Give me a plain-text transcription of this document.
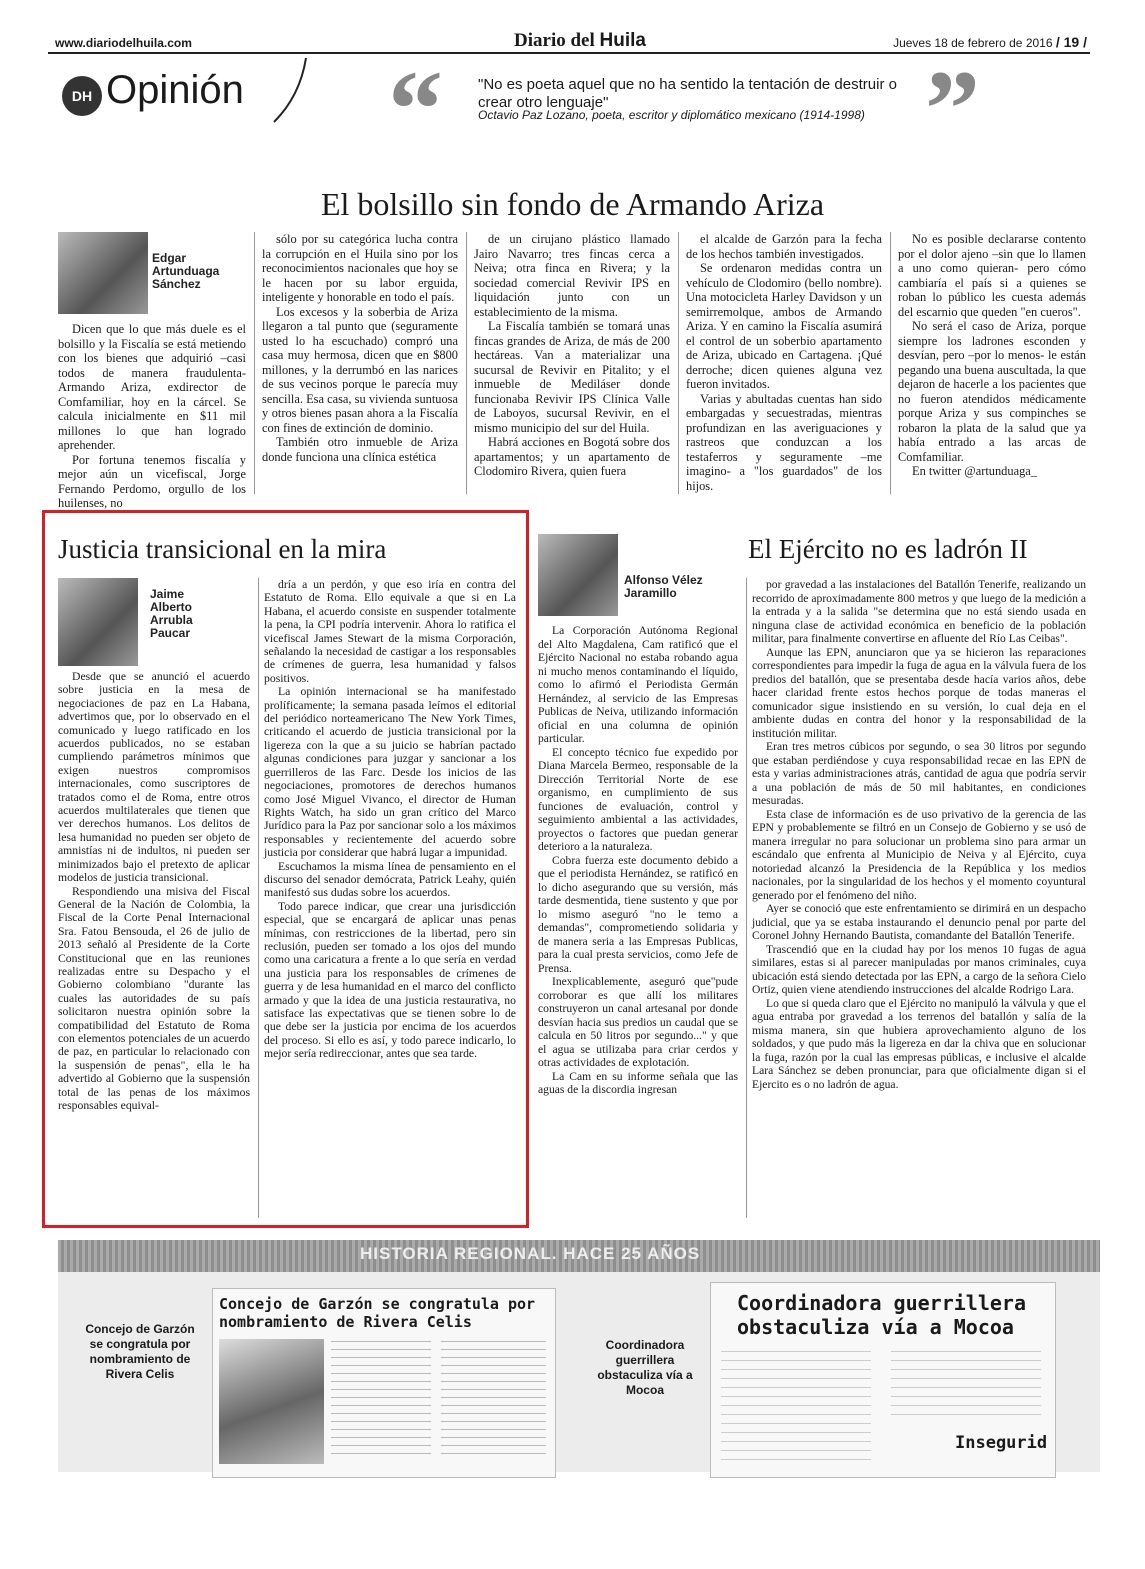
www.diariodelhuila.com	Diario del Huila	Jueves 18 de febrero de 2016 / 19 /
DH Opinión “ "No es poeta aquel que no ha sentido la tentación de destruir o crear otro lenguaje"
Octavio Paz Lozano, poeta, escritor y diplomático mexicano (1914-1998) ”
El bolsillo sin fondo de Armando Ariza
Edgar
Artunduaga
Sánchez

Dicen que lo que más duele es el bolsillo y la Fiscalía se está metiendo con los bienes que adquirió –casi todos de manera fraudulenta- Armando Ariza, exdirector de Comfamiliar, hoy en la cárcel. Se calcula inicialmente en $11 mil millones lo que han logrado aprehender.

Por fortuna tenemos fiscalía y mejor aún un vicefiscal, Jorge Fernando Perdomo, orgullo de los huilenses, no

sólo por su categórica lucha contra la corrupción en el Huila sino por los reconocimientos nacionales que hoy se le hacen por su labor erguida, inteligente y honorable en todo el país.

Los excesos y la soberbia de Ariza llegaron a tal punto que (seguramente usted lo ha escuchado) compró una casa muy hermosa, dicen que en $800 millones, y la derrumbó en las narices de sus vecinos porque le parecía muy sencilla. Esa casa, su vivienda suntuosa y otros bienes pasan ahora a la Fiscalía con fines de extinción de dominio.

También otro inmueble de Ariza donde funciona una clínica estética

de un cirujano plástico llamado Jairo Navarro; tres fincas cerca a Neiva; otra finca en Rivera; y la sociedad comercial Revivir IPS en liquidación junto con un establecimiento de la misma.

La Fiscalía también se tomará unas fincas grandes de Ariza, de más de 200 hectáreas. Van a materializar una sucursal de Revivir en Pitalito; y el inmueble de Mediláser donde funcionaba Revivir IPS Clínica Valle de Laboyos, sucursal Revivir, en el mismo municipio del sur del Huila.

Habrá acciones en Bogotá sobre dos apartamentos; y un apartamento de Clodomiro Rivera, quien fuera

el alcalde de Garzón para la fecha de los hechos también investigados.

Se ordenaron medidas contra un vehículo de Clodomiro (bello nombre). Una motocicleta Harley Davidson y un semirremolque, ambos de Armando Ariza. Y en camino la Fiscalía asumirá el control de un soberbio apartamento de Ariza, ubicado en Cartagena. ¡Qué derroche; dicen quienes alguna vez fueron invitados.

Varias y abultadas cuentas han sido embargadas y secuestradas, mientras profundizan en las averiguaciones y rastreos que conduzcan a los testaferros y seguramente –me imagino- a "los guardados" de los hijos.

No es posible declararse contento por el dolor ajeno –sin que lo llamen a uno como quieran- pero cómo cambiaría el país si a quienes se roban lo público les cuesta además del escarnio que queden "en cueros".

No será el caso de Ariza, porque siempre los ladrones esconden y desvían, pero –por lo menos- le están pegando una buena auscultada, la que dejaron de hacerle a los pacientes que no fueron atendidos médicamente porque Ariza y sus compinches se robaron la plata de la salud que ya había entrado a las arcas de Comfamiliar.

En twitter @artunduaga_

Justicia transicional en la mira
Jaime
Alberto
Arrubla
Paucar

Desde que se anunció el acuerdo sobre justicia en la mesa de negociaciones de paz en La Habana, advertimos que, por lo observado en el comunicado y luego ratificado en los acuerdos publicados, no se estaban cumpliendo parámetros mínimos que exigen nuestros compromisos internacionales, como suscriptores de tratados como el de Roma, entre otros acuerdos multilaterales que tienen que ver derechos humanos. Los delitos de lesa humanidad no pueden ser objeto de amnistías ni de indultos, ni pueden ser minimizados bajo el pretexto de aplicar modelos de justicia transicional.

Respondiendo una misiva del Fiscal General de la Nación de Colombia, la Fiscal de la Corte Penal Internacional Sra. Fatou Bensouda, el 26 de julio de 2013 señaló al Presidente de la Corte Constitucional que en las reuniones realizadas entre su Despacho y el Gobierno colombiano "durante las cuales las autoridades de su país solicitaron nuestra opinión sobre la compatibilidad del Estatuto de Roma con elementos potenciales de un acuerdo de paz, en particular lo relacionado con la suspensión de penas", ella le ha advertido al Gobierno que la suspensión total de las penas de los máximos responsables equival-

dría a un perdón, y que eso iría en contra del Estatuto de Roma. Ello equivale a que si en La Habana, el acuerdo consiste en suspender totalmente la pena, la CPI podría intervenir. Ahora lo ratifica el vicefiscal James Stewart de la misma Corporación, señalando la necesidad de castigar a los responsables de crímenes de guerra, lesa humanidad y falsos positivos.

La opinión internacional se ha manifestado prolíficamente; la semana pasada leímos el editorial del periódico norteamericano The New York Times, criticando el acuerdo de justicia transicional por la ligereza con la que a su juicio se habrían pactado algunas condiciones para juzgar y sancionar a los guerrilleros de las Farc. Desde los inicios de las negociaciones, promotores de derechos humanos como José Miguel Vivanco, el director de Human Rights Watch, ha sido un gran crítico del Marco Jurídico para la Paz por sancionar solo a los máximos responsables y recientemente del acuerdo sobre justicia por considerar que habrá lugar a impunidad.

Escuchamos la misma línea de pensamiento en el discurso del senador demócrata, Patrick Leahy, quién manifestó sus dudas sobre los acuerdos.

Todo parece indicar, que crear una jurisdicción especial, que se encargará de aplicar unas penas mínimas, con restricciones de la libertad, pero sin reclusión, pueden ser tomado a los ojos del mundo como una caricatura a frente a lo que sería en verdad una justicia para los responsables de crímenes de guerra y de lesa humanidad en el marco del conflicto armado y que la idea de una justicia restaurativa, no satisface las expectativas que se tienen sobre lo de que debe ser la justicia por encima de los acuerdos del proceso. Si ello es así, y todo parece indicarlo, lo mejor sería redireccionar, antes que sea tarde.

Alfonso Vélez
Jaramillo
El Ejército no es ladrón II

La Corporación Autónoma Regional del Alto Magdalena, Cam ratificó que el Ejército Nacional no estaba robando agua ni mucho menos contaminando el líquido, como lo afirmó el Periodista Germán Hernández, al servicio de las Empresas Publicas de Neiva, utilizando información oficial en una columna de opinión particular.

El concepto técnico fue expedido por Diana Marcela Bermeo, responsable de la Dirección Territorial Norte de ese organismo, en cumplimiento de sus funciones de evaluación, control y seguimiento ambiental a las actividades, proyectos o factores que puedan generar deterioro a la naturaleza.

Cobra fuerza este documento debido a que el periodista Hernández, se ratificó en lo dicho asegurando que su versión, más tarde desmentida, tiene sustento y que por lo mismo aseguró "no le temo a demandas", comprometiendo solidaria y de manera seria a las Empresas Publicas, para la cual presta servicios, como Jefe de Prensa.

Inexplicablemente, aseguró que"pude corroborar es que allí los militares construyeron un canal artesanal por donde desvían hacia sus predios un caudal que se calcula en 50 litros por segundo..." y que el agua se utilizaba para criar cerdos y otras actividades de explotación.

La Cam en su informe señala que las aguas de la discordia ingresan

por gravedad a las instalaciones del Batallón Tenerife, realizando un recorrido de aproximadamente 800 metros y que luego de la medición a la entrada y a la salida "se determina que no está siendo usada en ninguna clase de actividad económica en beneficio de la población militar, para finalmente convertirse en afluente del Río Las Ceibas".

Aunque las EPN, anunciaron que ya se hicieron las reparaciones correspondientes para impedir la fuga de agua en la válvula fuera de los predios del batallón, que se presentaba desde hacía varios años, debe hacer claridad frente estos hechos porque de todas maneras el comunicador sigue insistiendo en su versión, lo cual deja en el ambiente dudas en contra del honor y la responsabilidad de la institución militar.

Eran tres metros cúbicos por segundo, o sea 30 litros por segundo que estaban perdiéndose y cuya responsabilidad recae en las EPN de esta y varias administraciones atrás, cantidad de agua que podría servir a una población de más de 50 mil habitantes, en condiciones mesuradas.

Esta clase de información es de uso privativo de la gerencia de las EPN y probablemente se filtró en un Consejo de Gobierno y se usó de manera irregular no para solucionar un problema sino para armar un escándalo que enfrenta al Municipio de Neiva y al Ejército, cuya notoriedad alcanzó la Presidencia de la República y los medios nacionales, por la singularidad de los hechos y el momento coyuntural generado por el fenómeno del niño.

Ayer se conoció que este enfrentamiento se dirimirá en un despacho judicial, que ya se estaba instaurando el denuncio penal por parte del Coronel Johny Hernando Bautista, comandante del Batallón Tenerife.

Trascendió que en la ciudad hay por los menos 10 fugas de agua similares, estas si al parecer manipuladas por manos criminales, cuya ubicación está siendo detectada por las EPN, a cargo de la señora Cielo Ortiz, quien viene atendiendo instrucciones del alcalde Rodrigo Lara.

Lo que si queda claro que el Ejército no manipuló la válvula y que el agua entraba por gravedad a los terrenos del batallón y salía de la misma manera, sin que hubiera aprovechamiento alguno de los soldados, y que pudo más la ligereza en dar la chiva que en solucionar la fuga, razón por la cual las empresas públicas, e inclusive el alcalde Lara Sánchez se deben pronunciar, para que oficialmente digan si el Ejercito es o no ladrón de agua.

HISTORIA REGIONAL. HACE 25 AÑOS
Concejo de Garzón se congratula por nombramiento de Rivera Celis
Concejo de Garzón se congratula por nombramiento de Rivera Celis
Coordinadora guerrillera obstaculiza vía a Mocoa
Coordinadora guerrillera obstaculiza vía a Mocoa
Insegurid
